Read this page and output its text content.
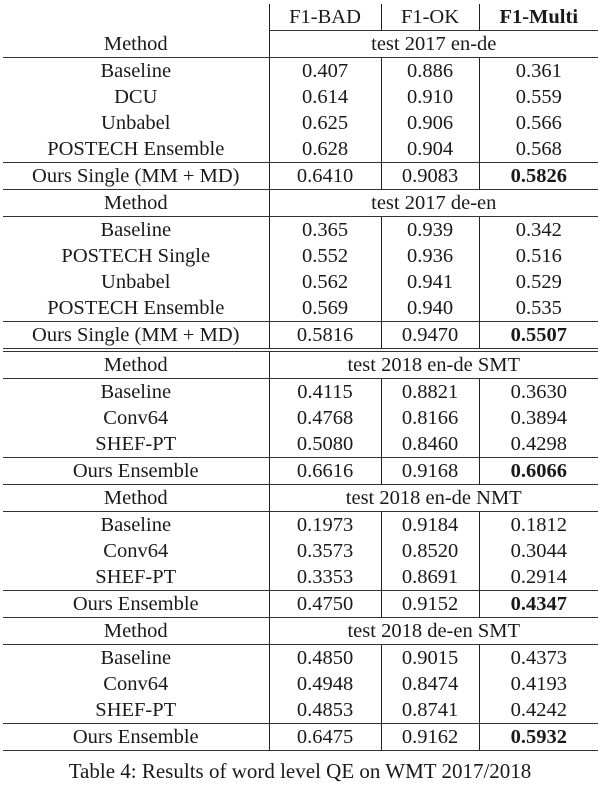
	F1-BAD	F1-OK	F1-Multi
Method	test 2017 en-de		
Baseline	0.407	0.886	0.361
DCU	0.614	0.910	0.559
Unbabel	0.625	0.906	0.566
POSTECH Ensemble	0.628	0.904	0.568
Ours Single (MM + MD)	0.6410	0.9083	0.5826
Method	test 2017 de-en		
Baseline	0.365	0.939	0.342
POSTECH Single	0.552	0.936	0.516
Unbabel	0.562	0.941	0.529
POSTECH Ensemble	0.569	0.940	0.535
Ours Single (MM + MD)	0.5816	0.9470	0.5507
Method	test 2018 en-de SMT		
Baseline	0.4115	0.8821	0.3630
Conv64	0.4768	0.8166	0.3894
SHEF-PT	0.5080	0.8460	0.4298
Ours Ensemble	0.6616	0.9168	0.6066
Method	test 2018 en-de NMT		
Baseline	0.1973	0.9184	0.1812
Conv64	0.3573	0.8520	0.3044
SHEF-PT	0.3353	0.8691	0.2914
Ours Ensemble	0.4750	0.9152	0.4347
Method	test 2018 de-en SMT		
Baseline	0.4850	0.9015	0.4373
Conv64	0.4948	0.8474	0.4193
SHEF-PT	0.4853	0.8741	0.4242
Ours Ensemble	0.6475	0.9162	0.5932
Table 4: Results of word level QE on WMT 2017/2018
